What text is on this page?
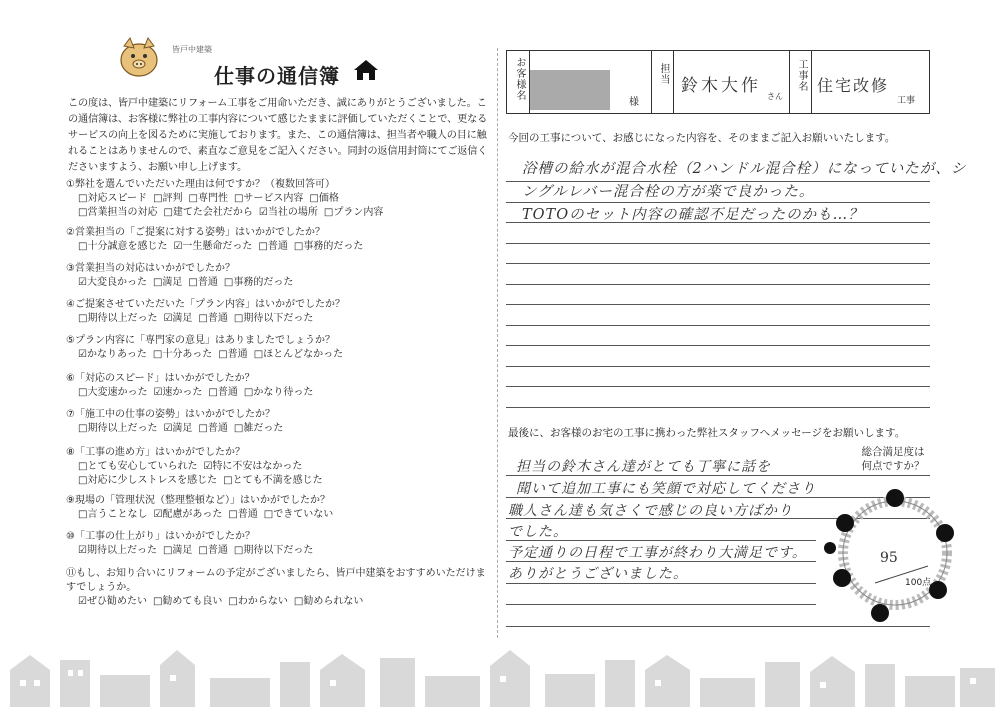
皆戸中建築
仕事の通信簿
この度は、皆戸中建築にリフォーム工事をご用命いただき、誠にありがとうございました。この通信簿は、お客様に弊社の工事内容について感じたままに評価していただくことで、更なるサービスの向上を図るために実施しております。また、この通信簿は、担当者や職人の目に触れることはありませんので、素直なご意見をご記入ください。同封の返信用封筒にてご返信くださいますよう、お願い申し上げます。
①弊社を選んでいただいた理由は何ですか？（複数回答可）
□対応スピード □評判 □専門性 □サービス内容 □価格
□営業担当の対応 □建てた会社だから ☑当社の場所 □プラン内容
②営業担当の「ご提案に対する姿勢」はいかがでしたか？
□十分誠意を感じた ☑一生懸命だった □普通 □事務的だった
③営業担当の対応はいかがでしたか？
☑大変良かった □満足 □普通 □事務的だった
④ご提案させていただいた「プラン内容」はいかがでしたか？
□期待以上だった ☑満足 □普通 □期待以下だった
⑤プラン内容に「専門家の意見」はありましたでしょうか？
☑かなりあった □十分あった □普通 □ほとんどなかった
⑥「対応のスピード」はいかがでしたか？
□大変速かった ☑速かった □普通 □かなり待った
⑦「施工中の仕事の姿勢」はいかがでしたか？
□期待以上だった ☑満足 □普通 □雑だった
⑧「工事の進め方」はいかがでしたか？
□とても安心していられた ☑特に不安はなかった
□対応に少しストレスを感じた □とても不満を感じた
⑨現場の「管理状況（整理整頓など）」はいかがでしたか？
□言うことなし ☑配慮があった □普通 □できていない
⑩「工事の仕上がり」はいかがでしたか？
☑期待以上だった □満足 □普通 □期待以下だった
⑪もし、お知り合いにリフォームの予定がございましたら、皆戸中建築をおすすめいただけますでしょうか。
☑ぜひ勧めたい □勧めても良い □わからない □勧められない
お客様名
様
担当
鈴木大作
さん
工事名 住宅改修
工事
今回の工事について、お感じになった内容を、そのままご記入お願いいたします。
浴槽の給水が混合水栓（2ハンドル混合栓）になっていたが、シ
ングルレバー混合栓の方が楽で良かった。
TOTOのセット内容の確認不足だったのかも…？
最後に、お客様のお宅の工事に携わった弊社スタッフへメッセージをお願いします。
担当の鈴木さん達がとても丁寧に話を
聞いて追加工事にも笑顔で対応してくださり
職人さん達も気さくで感じの良い方ばかり
でした。
予定通りの日程で工事が終わり大満足です。
ありがとうございました。
総合満足度は
何点ですか？
95
100点
